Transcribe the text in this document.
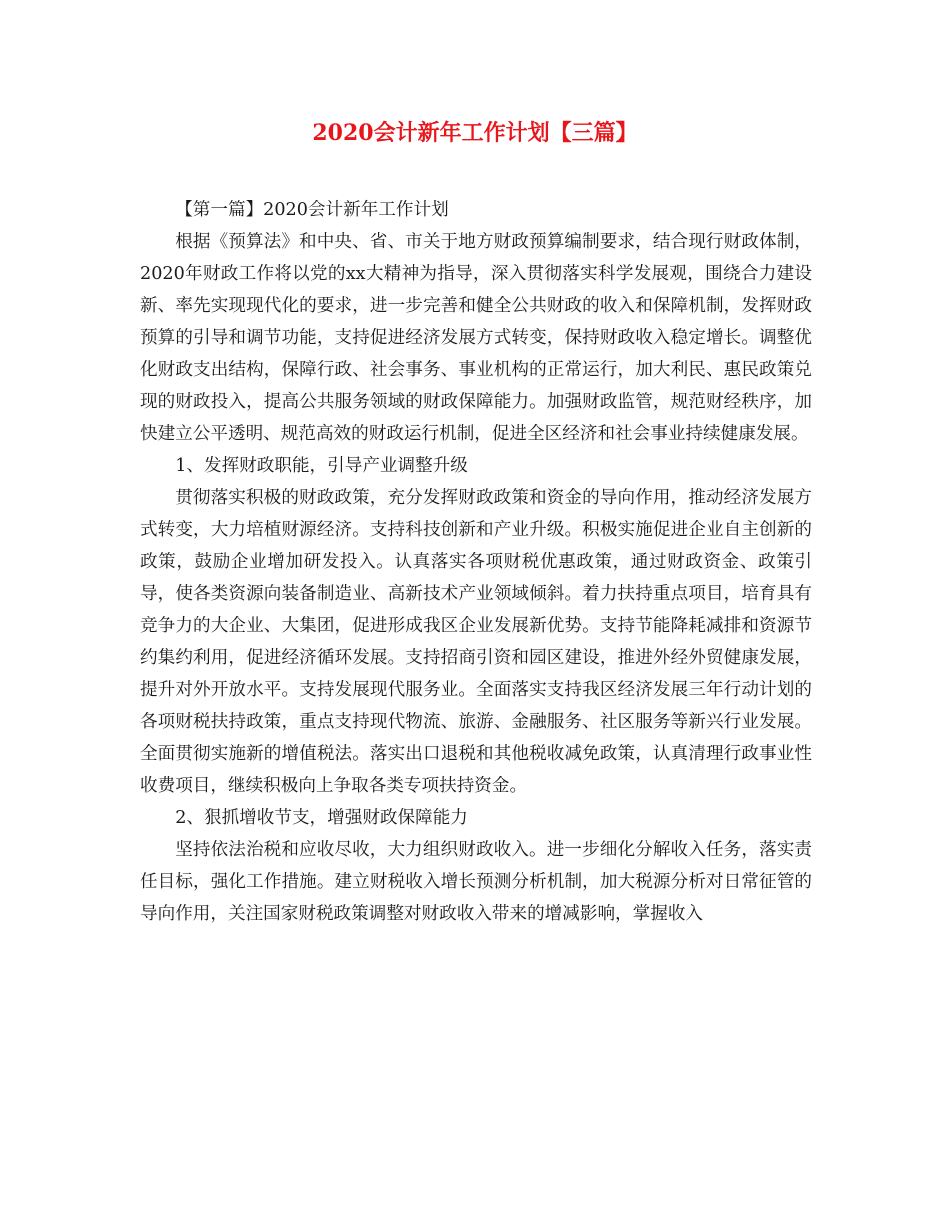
2020会计新年工作计划【三篇】

【第一篇】2020会计新年工作计划

根据《预算法》和中央、省、市关于地方财政预算编制要求，结合现行财政体制，2020年财政工作将以党的xx大精神为指导，深入贯彻落实科学发展观，围绕合力建设新、率先实现现代化的要求，进一步完善和健全公共财政的收入和保障机制，发挥财政预算的引导和调节功能，支持促进经济发展方式转变，保持财政收入稳定增长。调整优化财政支出结构，保障行政、社会事务、事业机构的正常运行，加大利民、惠民政策兑现的财政投入，提高公共服务领域的财政保障能力。加强财政监管，规范财经秩序，加快建立公平透明、规范高效的财政运行机制，促进全区经济和社会事业持续健康发展。

1、发挥财政职能，引导产业调整升级

贯彻落实积极的财政政策，充分发挥财政政策和资金的导向作用，推动经济发展方式转变，大力培植财源经济。支持科技创新和产业升级。积极实施促进企业自主创新的政策，鼓励企业增加研发投入。认真落实各项财税优惠政策，通过财政资金、政策引导，使各类资源向装备制造业、高新技术产业领域倾斜。着力扶持重点项目，培育具有竞争力的大企业、大集团，促进形成我区企业发展新优势。支持节能降耗减排和资源节约集约利用，促进经济循环发展。支持招商引资和园区建设，推进外经外贸健康发展，提升对外开放水平。支持发展现代服务业。全面落实支持我区经济发展三年行动计划的各项财税扶持政策，重点支持现代物流、旅游、金融服务、社区服务等新兴行业发展。全面贯彻实施新的增值税法。落实出口退税和其他税收减免政策，认真清理行政事业性收费项目，继续积极向上争取各类专项扶持资金。

2、狠抓增收节支，增强财政保障能力

坚持依法治税和应收尽收，大力组织财政收入。进一步细化分解收入任务，落实责任目标，强化工作措施。建立财税收入增长预测分析机制，加大税源分析对日常征管的导向作用，关注国家财税政策调整对财政收入带来的增减影响，掌握收入
